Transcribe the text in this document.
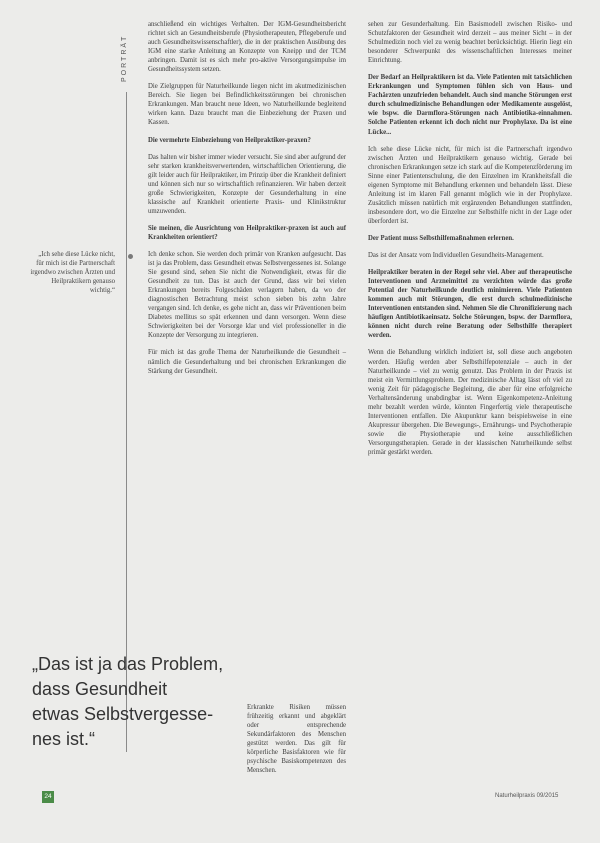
PORTRÄT
„Ich sehe diese Lücke nicht, für mich ist die Partnerschaft irgendwo zwischen Ärzten und Heilpraktikern genauso wichtig.“

anschließend ein wichtiges Verhalten. Der IGM-Gesundheitsbericht richtet sich an Gesundheitsberufe (Physiotherapeuten, Pflegeberufe und auch Gesundheitswissenschaftler), die in der praktischen Ausübung des IGM eine starke Anleitung an Konzepte von Kneipp und der TCM anbringen. Damit ist es sich mehr pro-aktive Versorgungsimpulse im Gesundheitssystem setzen.

Die Zielgruppen für Naturheilkunde liegen nicht im akutmedizinischen Bereich. Sie liegen bei Befindlichkeitsstörungen bei chronischen Erkrankungen. Man braucht neue Ideen, wo Naturheilkunde begleitend wirken kann. Dazu braucht man die Einbeziehung der Praxen und Kassen.

Die vermehrte Einbeziehung von Heilpraktiker-praxen?

Das halten wir bisher immer wieder versucht. Sie sind aber aufgrund der sehr starken krankheitsverwertenden, wirtschaftlichen Orientierung, die gilt leider auch für Heilpraktiker, im Prinzip über die Krankheit definiert und können sich nur so wirtschaftlich refinanzieren. Wir haben derzeit große Schwierigkeiten, Konzepte der Gesunderhaltung in eine klassische auf Krankheit orientierte Praxis- und Klinikstruktur umzuwenden.

Sie meinen, die Ausrichtung von Heilpraktiker-praxen ist auch auf Krankheiten orientiert?

Ich denke schon. Sie werden doch primär von Kranken aufgesucht. Das ist ja das Problem, dass Gesundheit etwas Selbstvergessenes ist. Solange Sie gesund sind, sehen Sie nicht die Notwendigkeit, etwas für die Gesundheit zu tun. Das ist auch der Grund, dass wir bei vielen Erkrankungen bereits Folgeschäden verlagern haben, da wo der diagnostischen Betrachtung meist schon sieben bis zehn Jahre vergangen sind. Ich denke, es gehe nicht an, dass wir Präventionen beim Diabetes mellitus so spät erkennen und dann versorgen. Wenn diese Schwierigkeiten bei der Vorsorge klar und viel professioneller in die Konzepte der Versorgung zu integrieren.

Für mich ist das große Thema der Naturheilkunde die Gesundheit – nämlich die Gesunderhaltung und bei chronischen Erkrankungen die Stärkung der Gesundheit.

Erkrankte Risiken müssen frühzeitig erkannt und abgeklärt oder entsprechende Sekundärfaktoren des Menschen gestützt werden. Das gilt für körperliche Basisfaktoren wie für psychische Basiskompetenzen des Menschen.
„Das ist ja das Problem,
dass Gesundheit
etwas Selbstvergesse-
nes ist.“

sehen zur Gesunderhaltung. Ein Basismodell zwischen Risiko- und Schutzfaktoren der Gesundheit wird derzeit – aus meiner Sicht – in der Schulmedizin noch viel zu wenig beachtet berücksichtigt. Hierin liegt ein besonderer Schwerpunkt des wissenschaftlichen Interesses meiner Einrichtung.

Der Bedarf an Heilpraktikern ist da. Viele Patienten mit tatsächlichen Erkrankungen und Symptomen fühlen sich von Haus- und Fachärzten unzufrieden behandelt. Auch sind manche Störungen erst durch schulmedizinische Behandlungen oder Medikamente ausgelöst, wie bspw. die Darmflora-Störungen nach Antibiotika-einnahmen. Solche Patienten erkennt ich doch nicht nur Prophylaxe. Da ist eine Lücke...

Ich sehe diese Lücke nicht, für mich ist die Partnerschaft irgendwo zwischen Ärzten und Heilpraktikern genauso wichtig. Gerade bei chronischen Erkrankungen setze ich stark auf die Kompetenzförderung im Sinne einer Patientenschulung, die den Einzelnen im Krankheitsfall die eigenen Symptome mit Behandlung erkennen und behandeln lässt. Diese Anleitung ist im klaren Fall genannt möglich wie in der Prophylaxe. Zusätzlich müssen natürlich mit ergänzenden Behandlungen stattfinden, insbesondere dort, wo die Einzelne zur Selbsthilfe nicht in der Lage oder überfordert ist.

Der Patient muss Selbsthilfemaßnahmen erlernen.

Das ist der Ansatz vom Individuellen Gesundheits-Management.

Heilpraktiker beraten in der Regel sehr viel. Aber auf therapeutische Interventionen und Arzneimittel zu verzichten würde das große Potential der Naturheilkunde deutlich minimieren. Viele Patienten kommen auch mit Störungen, die erst durch schulmedizinische Interventionen entstanden sind. Nehmen Sie die Chronifizierung nach häufigen Antibiotikaeinsatz. Solche Störungen, bspw. der Darmflora, können nicht durch reine Beratung oder Selbsthilfe therapiert werden.

Wenn die Behandlung wirklich indiziert ist, soll diese auch angeboten werden. Häufig werden aber Selbsthilfepotenziale – auch in der Naturheilkunde – viel zu wenig genutzt. Das Problem in der Praxis ist meist ein Vermittlungsproblem. Der medizinische Alltag lässt oft viel zu wenig Zeit für pädagogische Begleitung, die aber für eine erfolgreiche Verhaltensänderung unabdingbar ist. Wenn Eigenkompetenz-Anleitung mehr bezahlt werden würde, könnten Fingerfertig viele therapeutische Interventionen entfallen. Die Akupunktur kann beispielsweise in eine Akupressur übergehen. Die Bewegungs-, Ernährungs- und Psychotherapie sowie die Physiotherapie und keine ausschließlichen Versorgungstherapien. Gerade in der klassischen Naturheilkunde selbst primär gestärkt werden.

24	Naturheilpraxis 09/2015
